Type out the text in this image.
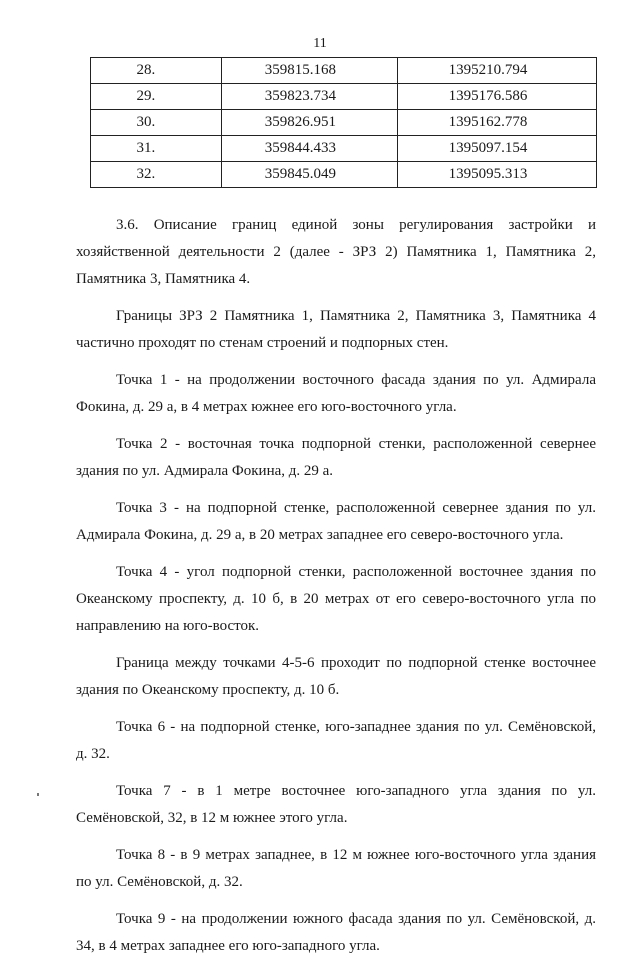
11
28.	359815.168	1395210.794
29.	359823.734	1395176.586
30.	359826.951	1395162.778
31.	359844.433	1395097.154
32.	359845.049	1395095.313

3.6. Описание границ единой зоны регулирования застройки и хозяйственной деятельности 2 (далее - ЗРЗ 2) Памятника 1, Памятника 2, Памятника 3, Памятника 4.

Границы ЗРЗ 2 Памятника 1, Памятника 2, Памятника 3, Памятника 4 частично проходят по стенам строений и подпорных стен.

Точка 1 - на продолжении восточного фасада здания по ул. Адмирала Фокина, д. 29 а, в 4 метрах южнее его юго-восточного угла.

Точка 2 - восточная точка подпорной стенки, расположенной севернее здания по ул. Адмирала Фокина, д. 29 а.

Точка 3 - на подпорной стенке, расположенной севернее здания по ул. Адмирала Фокина, д. 29 а, в 20 метрах западнее его северо-восточного угла.

Точка 4 - угол подпорной стенки, расположенной восточнее здания по Океанскому проспекту, д. 10 б, в 20 метрах от его северо-восточного угла по направлению на юго-восток.

Граница между точками 4-5-6 проходит по подпорной стенке восточнее здания по Океанскому проспекту, д. 10 б.

Точка 6 - на подпорной стенке, юго-западнее здания по ул. Семёновской, д. 32.

Точка 7 - в 1 метре восточнее юго-западного угла здания по ул. Семёновской, 32, в 12 м южнее этого угла.

Точка 8 - в 9 метрах западнее, в 12 м южнее юго-восточного угла здания по ул. Семёновской, д. 32.

Точка 9 - на продолжении южного фасада здания по ул. Семёновской, д. 34, в 4 метрах западнее его юго-западного угла.
